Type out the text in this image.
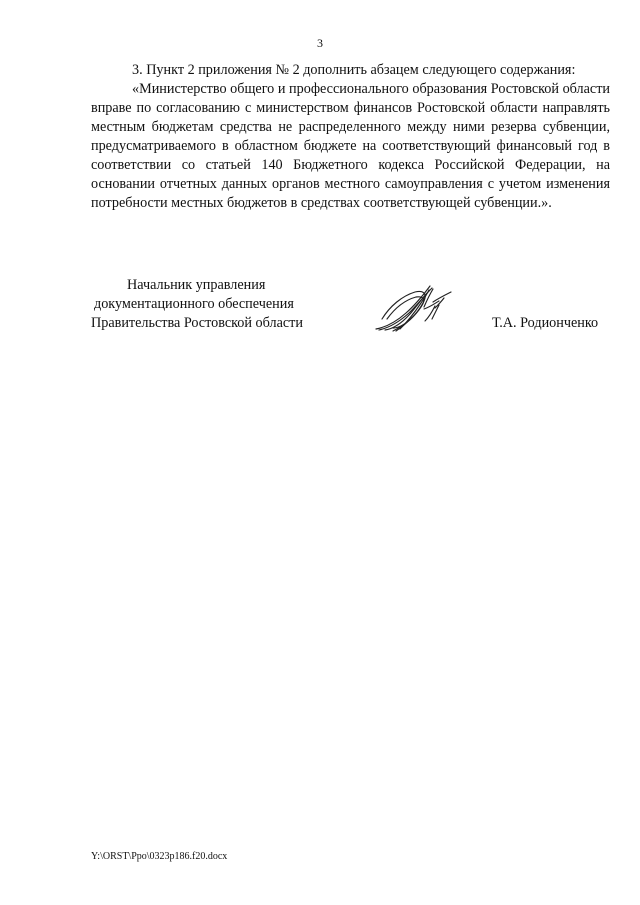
3

3. Пункт 2 приложения № 2 дополнить абзацем следующего содержания:

«Министерство общего и профессионального образования Ростовской области вправе по согласованию с министерством финансов Ростовской области направлять местным бюджетам средства не распределенного между ними резерва субвенции, предусматриваемого в областном бюджете на соответствующий финансовый год в соответствии со статьей 140 Бюджетного кодекса Российской Федерации, на основании отчетных данных органов местного самоуправления с учетом изменения потребности местных бюджетов в средствах соответствующей субвенции.».

Начальник управления
документационного обеспечения
Правительства Ростовской области	Т.А. Родионченко
Y:\ORST\Ppo\0323p186.f20.docx
